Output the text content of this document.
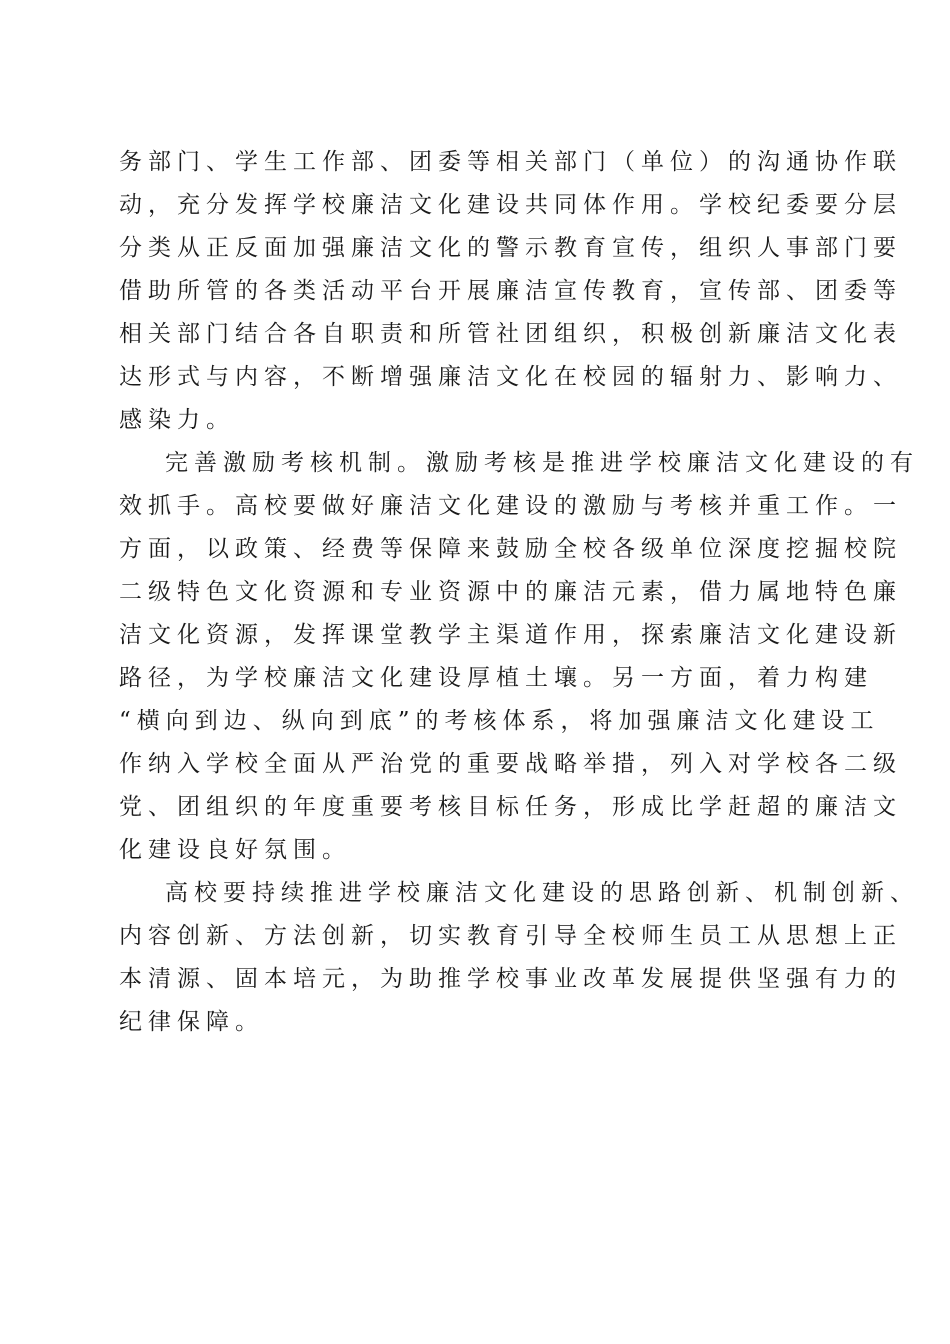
务部门、学生工作部、团委等相关部门（单位）的沟通协作联
动，充分发挥学校廉洁文化建设共同体作用。学校纪委要分层
分类从正反面加强廉洁文化的警示教育宣传，组织人事部门要
借助所管的各类活动平台开展廉洁宣传教育，宣传部、团委等
相关部门结合各自职责和所管社团组织，积极创新廉洁文化表
达形式与内容，不断增强廉洁文化在校园的辐射力、影响力、
感染力。

完善激励考核机制。激励考核是推进学校廉洁文化建设的有
效抓手。高校要做好廉洁文化建设的激励与考核并重工作。一
方面，以政策、经费等保障来鼓励全校各级单位深度挖掘校院
二级特色文化资源和专业资源中的廉洁元素，借力属地特色廉
洁文化资源，发挥课堂教学主渠道作用，探索廉洁文化建设新
路径，为学校廉洁文化建设厚植土壤。另一方面，着力构建
“横向到边、纵向到底”的考核体系，将加强廉洁文化建设工
作纳入学校全面从严治党的重要战略举措，列入对学校各二级
党、团组织的年度重要考核目标任务，形成比学赶超的廉洁文
化建设良好氛围。

高校要持续推进学校廉洁文化建设的思路创新、机制创新、
内容创新、方法创新，切实教育引导全校师生员工从思想上正
本清源、固本培元，为助推学校事业改革发展提供坚强有力的
纪律保障。
